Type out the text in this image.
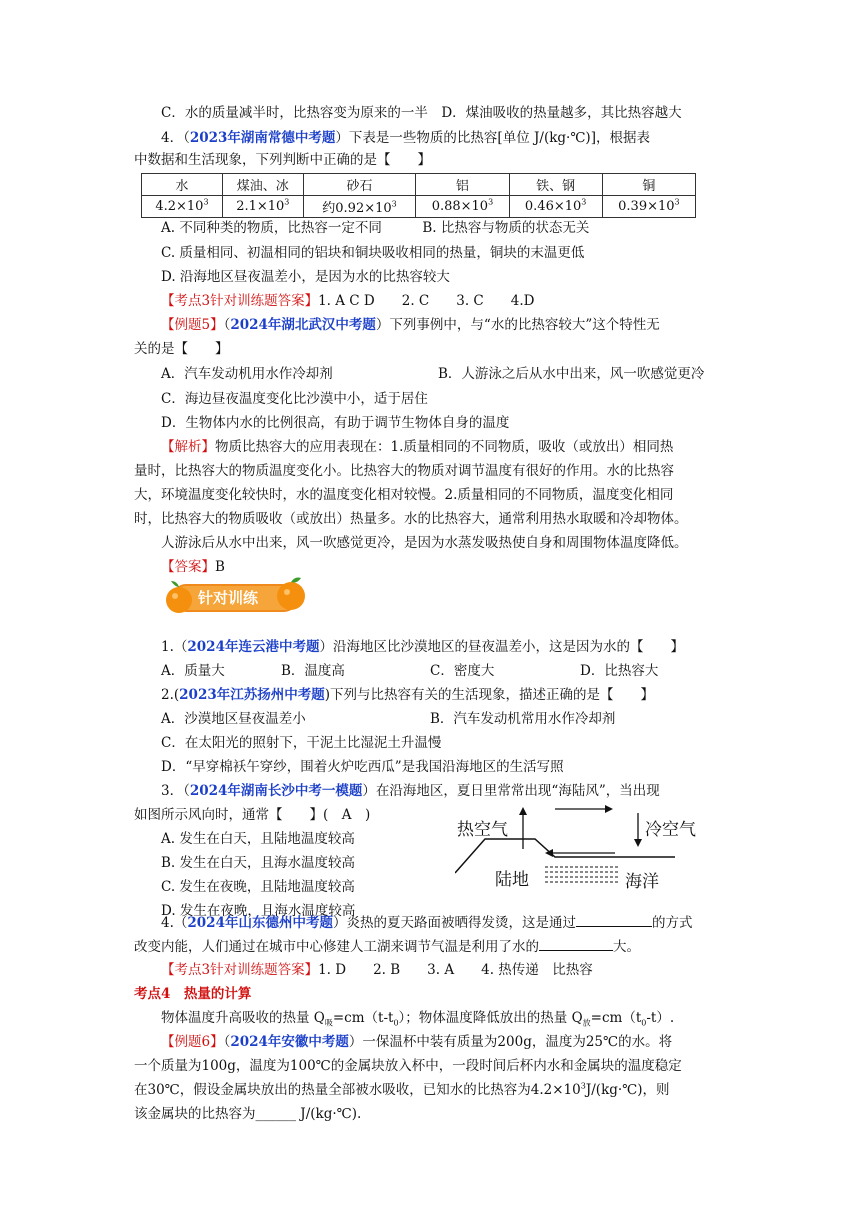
C．水的质量减半时，比热容变为原来的一半　D．煤油吸收的热量越多，其比热容越大
4．（2023年湖南常德中考题）下表是一些物质的比热容[单位 J/(kg·℃)]，根据表
中数据和生活现象，下列判断中正确的是【　　】
水	煤油、冰	砂石	铝	铁、钢	铜
$4.2\times 10^3$	$2.1\times 10^3$	约$0.92\times 10^3$	$0.88\times 10^3$	$0.46\times 10^3$	$0.39\times 10^3$
A. 不同种类的物质，比热容一定不同　　　B. 比热容与物质的状态无关
C. 质量相同、初温相同的铝块和铜块吸收相同的热量，铜块的末温更低
D. 沿海地区昼夜温差小，是因为水的比热容较大
【考点3针对训练题答案】1. A C D　　2. C　　3. C　　4.D
【例题5】（2024年湖北武汉中考题）下列事例中，与“水的比热容较大”这个特性无
关的是【　　】
A．汽车发动机用水作冷却剂	B．人游泳之后从水中出来，风一吹感觉更冷
C．海边昼夜温度变化比沙漠中小，适于居住
D．生物体内水的比例很高，有助于调节生物体自身的温度
【解析】物质比热容大的应用表现在：1.质量相同的不同物质，吸收（或放出）相同热
量时，比热容大的物质温度变化小。比热容大的物质对调节温度有很好的作用。水的比热容
大，环境温度变化较快时，水的温度变化相对较慢。2.质量相同的不同物质，温度变化相同
时，比热容大的物质吸收（或放出）热量多。水的比热容大，通常利用热水取暖和冷却物体。
人游泳后从水中出来，风一吹感觉更冷，是因为水蒸发吸热使自身和周围物体温度降低。
【答案】B
针对训练
1.（2024年连云港中考题）沿海地区比沙漠地区的昼夜温差小，这是因为水的【　　】
A．质量大	B．温度高	C．密度大	D．比热容大
2.(2023年江苏扬州中考题)下列与比热容有关的生活现象，描述正确的是【　　】
A．沙漠地区昼夜温差小	B．汽车发动机常用水作冷却剂
C．在太阳光的照射下，干泥土比湿泥土升温慢
D．“早穿棉袄午穿纱，围着火炉吃西瓜”是我国沿海地区的生活写照
3．（2024年湖南长沙中考一模题）在沿海地区，夏日里常常出现“海陆风”，当出现
如图所示风向时，通常【　　】(　A　)
A. 发生在白天，且陆地温度较高
B. 发生在白天，且海水温度较高
C. 发生在夜晚，且陆地温度较高
D. 发生在夜晚，且海水温度较高
热空气	冷空气
陆地	海洋
4.（2024年山东德州中考题）炎热的夏天路面被晒得发烫，这是通过	的方式
改变内能，人们通过在城市中心修建人工湖来调节气温是利用了水的	大。
【考点3针对训练题答案】1. D　　2. B　　3. A　　4. 热传递　比热容
考点4　热量的计算
物体温度升高吸收的热量 $Q_吸=cm(t-t_0)$；物体温度降低放出的热量 $Q_放=cm(t_0-t)$.
【例题6】（2024年安徽中考题）一保温杯中装有质量为200g，温度为25℃的水。将
一个质量为100g，温度为100℃的金属块放入杯中，一段时间后杯内水和金属块的温度稳定
在30℃，假设金属块放出的热量全部被水吸收，已知水的比热容为$4.2\times 10^3J/(kg\cdot℃)$，则
该金属块的比热容为______ J/(kg·℃).
